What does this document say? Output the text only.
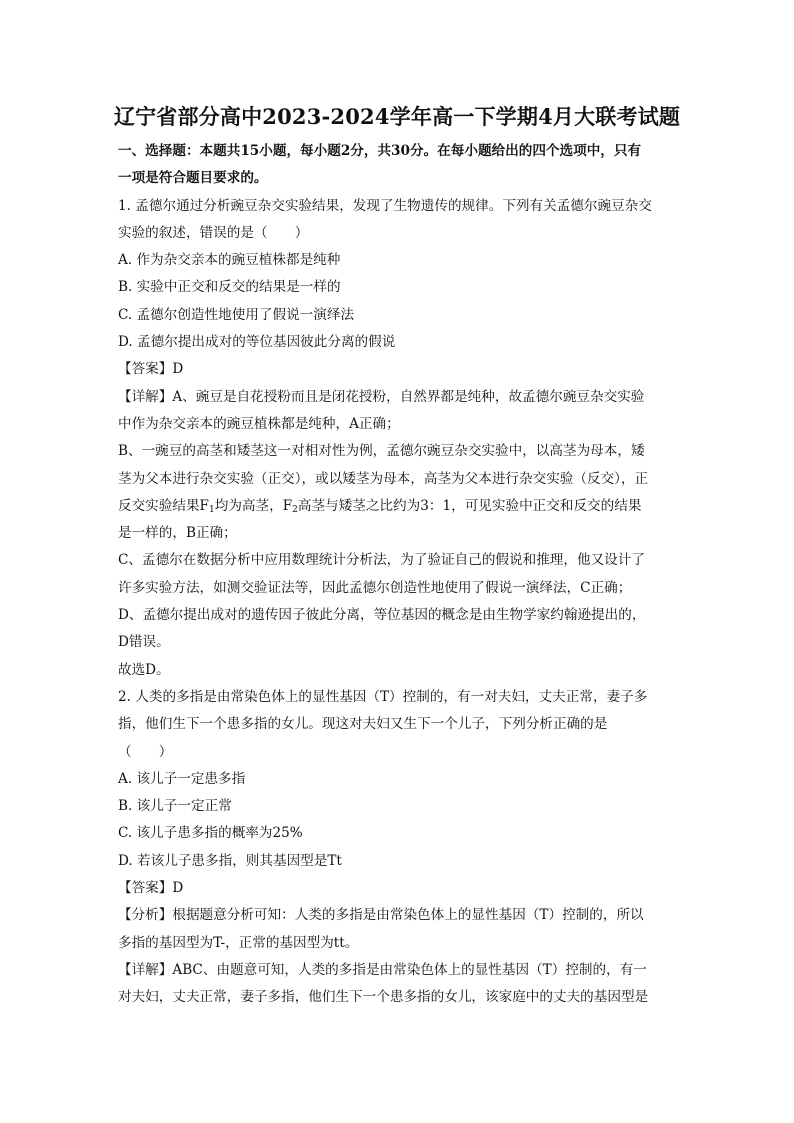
辽宁省部分高中2023-2024学年高一下学期4月大联考试题
一、选择题：本题共15小题，每小题2分，共30分。在每小题给出的四个选项中，只有
一项是符合题目要求的。
1. 孟德尔通过分析豌豆杂交实验结果，发现了生物遗传的规律。下列有关孟德尔豌豆杂交
实验的叙述，错误的是（　　）
A. 作为杂交亲本的豌豆植株都是纯种
B. 实验中正交和反交的结果是一样的
C. 孟德尔创造性地使用了假说一演绎法
D. 孟德尔提出成对的等位基因彼此分离的假说
【答案】D
【详解】A、豌豆是自花授粉而且是闭花授粉，自然界都是纯种，故孟德尔豌豆杂交实验
中作为杂交亲本的豌豆植株都是纯种，A正确；
B、一豌豆的高茎和矮茎这一对相对性为例，孟德尔豌豆杂交实验中，以高茎为母本，矮
茎为父本进行杂交实验（正交），或以矮茎为母本，高茎为父本进行杂交实验（反交），正
反交实验结果$F_1$均为高茎，$F_2$高茎与矮茎之比约为3：1，可见实验中正交和反交的结果
是一样的，B正确；
C、孟德尔在数据分析中应用数理统计分析法，为了验证自己的假说和推理，他又设计了
许多实验方法，如测交验证法等，因此孟德尔创造性地使用了假说一演绎法，C正确；
D、孟德尔提出成对的遗传因子彼此分离，等位基因的概念是由生物学家约翰逊提出的，
D错误。
故选D。
2. 人类的多指是由常染色体上的显性基因（T）控制的，有一对夫妇，丈夫正常，妻子多
指，他们生下一个患多指的女儿。现这对夫妇又生下一个儿子，下列分析正确的是
（　　）
A. 该儿子一定患多指
B. 该儿子一定正常
C. 该儿子患多指的概率为25%
D. 若该儿子患多指，则其基因型是Tt
【答案】D
【分析】根据题意分析可知：人类的多指是由常染色体上的显性基因（T）控制的，所以
多指的基因型为T-，正常的基因型为tt。
【详解】ABC、由题意可知，人类的多指是由常染色体上的显性基因（T）控制的，有一
对夫妇，丈夫正常，妻子多指，他们生下一个患多指的女儿，该家庭中的丈夫的基因型是
